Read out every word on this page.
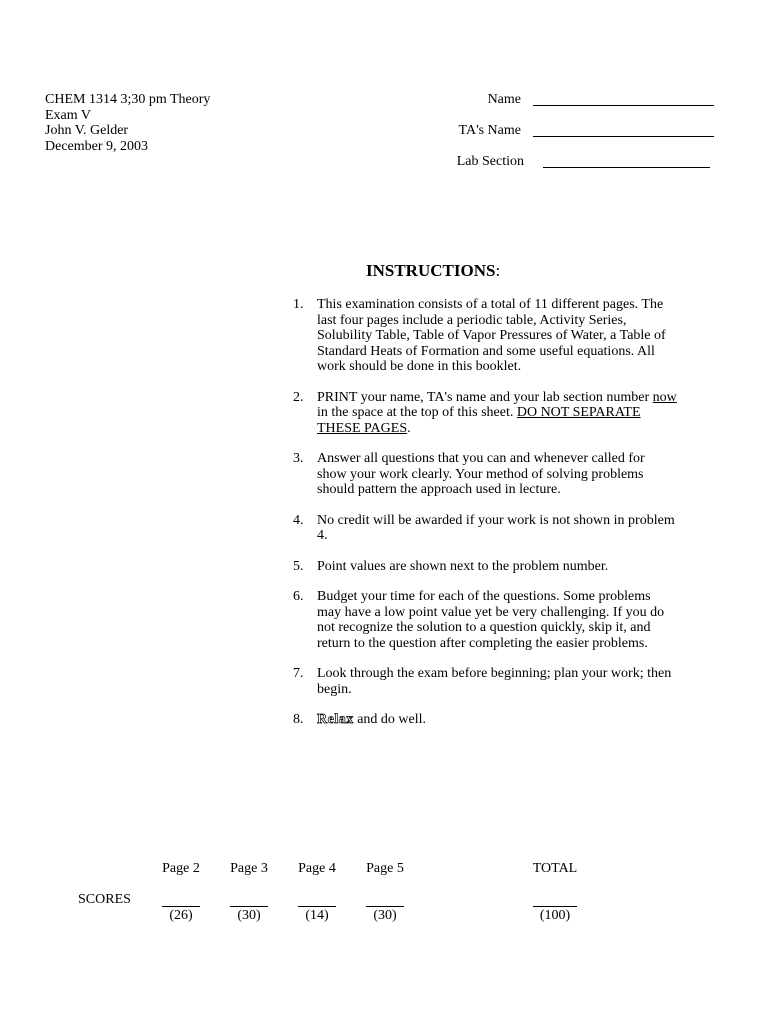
CHEM 1314 3;30 pm Theory
Exam V
John V. Gelder
December 9, 2003
Name
TA's Name
Lab Section
INSTRUCTIONS:
1. This examination consists of a total of 11 different pages. The last four pages include a periodic table, Activity Series, Solubility Table, Table of Vapor Pressures of Water, a Table of Standard Heats of Formation and some useful equations. All work should be done in this booklet.
2. PRINT your name, TA's name and your lab section number now in the space at the top of this sheet. DO NOT SEPARATE THESE PAGES.
3. Answer all questions that you can and whenever called for show your work clearly. Your method of solving problems should pattern the approach used in lecture.
4. No credit will be awarded if your work is not shown in problem 4.
5. Point values are shown next to the problem number.
6. Budget your time for each of the questions. Some problems may have a low point value yet be very challenging. If you do not recognize the solution to a question quickly, skip it, and return to the question after completing the easier problems.
7. Look through the exam before beginning; plan your work; then begin.
8. Relax and do well.
SCORES
Page 2
(26)
Page 3
(30)
Page 4
(14)
Page 5
(30)
TOTAL
(100)
